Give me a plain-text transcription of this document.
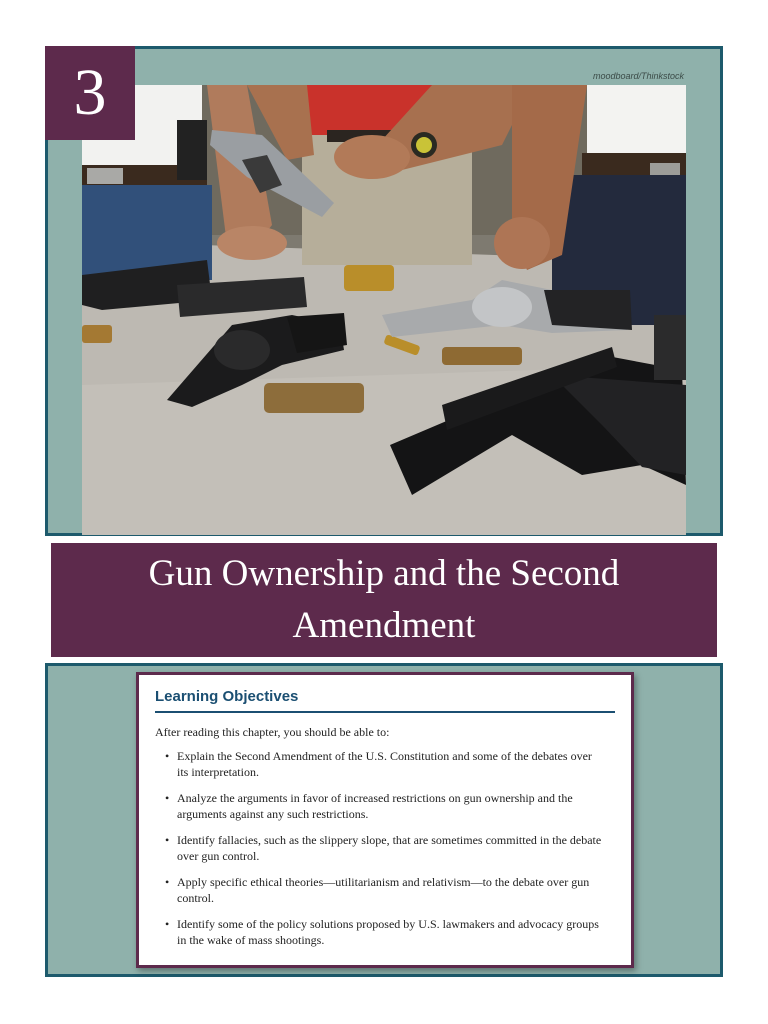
moodboard/Thinkstock
3
Gun Ownership and the Second Amendment
Learning Objectives

After reading this chapter, you should be able to:

• Explain the Second Amendment of the U.S. Constitution and some of the debates over its interpretation.
• Analyze the arguments in favor of increased restrictions on gun ownership and the arguments against any such restrictions.
• Identify fallacies, such as the slippery slope, that are sometimes committed in the debate over gun control.
• Apply specific ethical theories—utilitarianism and relativism—to the debate over gun control.
• Identify some of the policy solutions proposed by U.S. lawmakers and advocacy groups in the wake of mass shootings.
